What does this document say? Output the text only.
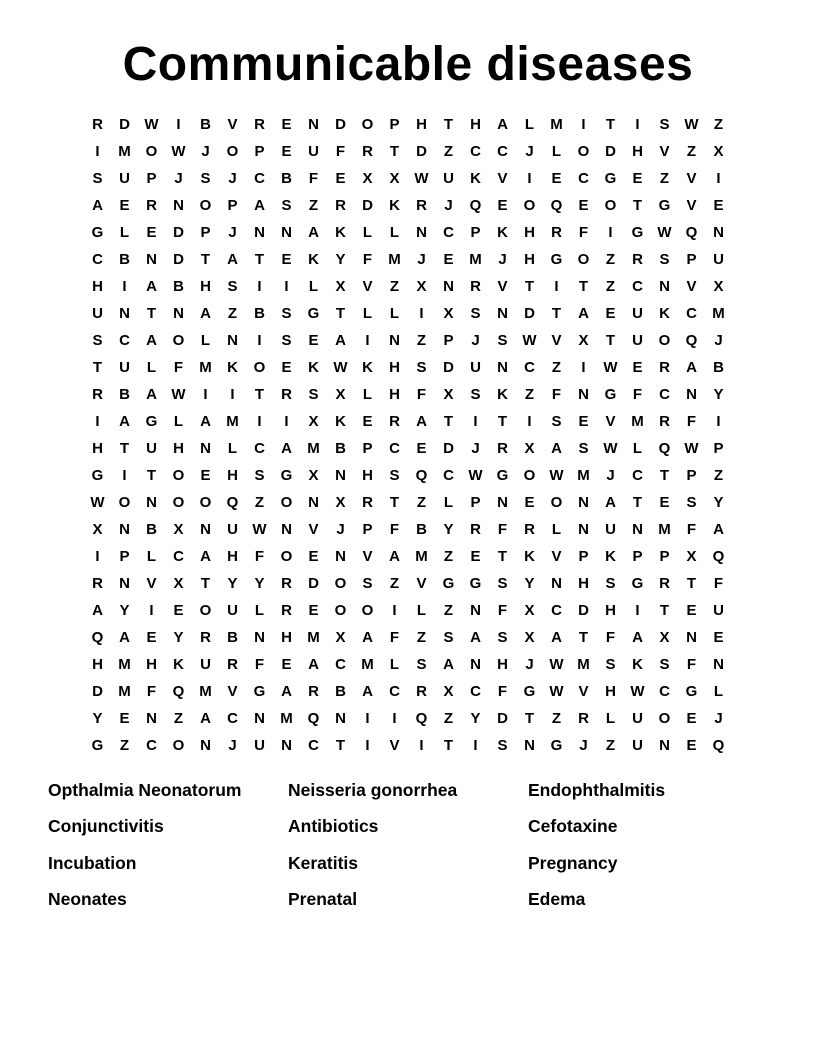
Communicable diseases
R	D W	I	B	V	R	E	N	D	O	P	H	T	H	A	L	M	I	T	I	S W	Z
I	M O W	J	O	P	E	U	F	R	T	D	Z	C	C	J	L	O	D	H	V	Z	X
S	U	P	J	S	J	C	B	F	E	X	X W U	K	V	I	E	C	G	E	Z	V	I
A	E	R	N	O	P	A	S	Z	R	D	K	R	J	Q	E	O	Q	E	O	T	G	V	E
G	L	E	D	P	J	N	N	A	K	L	L	N	C	P	K	H	R	F	I	G W Q	N
C	B	N	D	T	A	T	E	K	Y	F	M	J	E	M	J	H	G	O	Z	R	S	P	U
H	I	A	B	H	S	I	I	L	X	V	Z	X	N	R	V	T	I	T	Z	C	N	V	X
U	N	T	N	A	Z	B	S	G	T	L	L	I	X	S	N	D	T	A	E	U	K	C	M
S	C	A	O	L	N	I	S	E	A	I	N	Z	P	J	S W V	X	T	U	O	Q	J
T	U	L	F	M	K	O	E	K W K	H	S	D	U	N	C	Z	I	W E	R	A	B
R	B	A W	I	I	T	R	S	X	L	H	F	X	S	K	Z	F	N	G	F	C	N	Y
I	A	G	L	A	M	I	I	X	K	E	R	A	T	I	T	I	S	E	V	M	R	F	I
H	T	U	H	N	L	C	A	M	B	P	C	E	D	J	R	X	A	S W	L	Q W P
G	I	T	O	E	H	S	G	X	N	H	S	Q	C W G	O W M	J	C	T	P	Z
W O	N	O	O	Q	Z	O	N	X	R	T	Z	L	P	N	E	O	N	A	T	E	S	Y
X	N	B	X	N	U W N	V	J	P	F	B	Y	R	F	R	L	N	U	N	M	F	A
I	P	L	C	A	H	F	O	E	N	V	A	M	Z	E	T	K	V	P	K	P	P	X	Q
R	N	V	X	T	Y	Y	R	D	O	S	Z	V	G	G	S	Y	N	H	S	G	R	T	F
A	Y	I	E	O	U	L	R	E	O	O	I	L	Z	N	F	X	C	D	H	I	T	E	U
Q	A	E	Y	R	B	N	H	M	X	A	F	Z	S	A	S	X	A	T	F	A	X	N	E
H	M	H	K	U	R	F	E	A	C	M	L	S	A	N	H	J	W M	S	K	S	F	N
D	M	F	Q M	V	G	A	R	B	A	C	R	X	C	F	G W V	H W C	G	L
Y	E	N	Z	A	C	N	M Q	N	I	I	Q	Z	Y	D	T	Z	R	L	U	O	E	J
G	Z	C	O	N	J	U	N	C	T	I	V	I	T	I	S	N	G	J	Z	U	N	E	Q
Opthalmia Neonatorum	Neisseria gonorrhea	Endophthalmitis
Conjunctivitis	Antibiotics	Cefotaxine
Incubation	Keratitis	Pregnancy
Neonates	Prenatal	Edema
